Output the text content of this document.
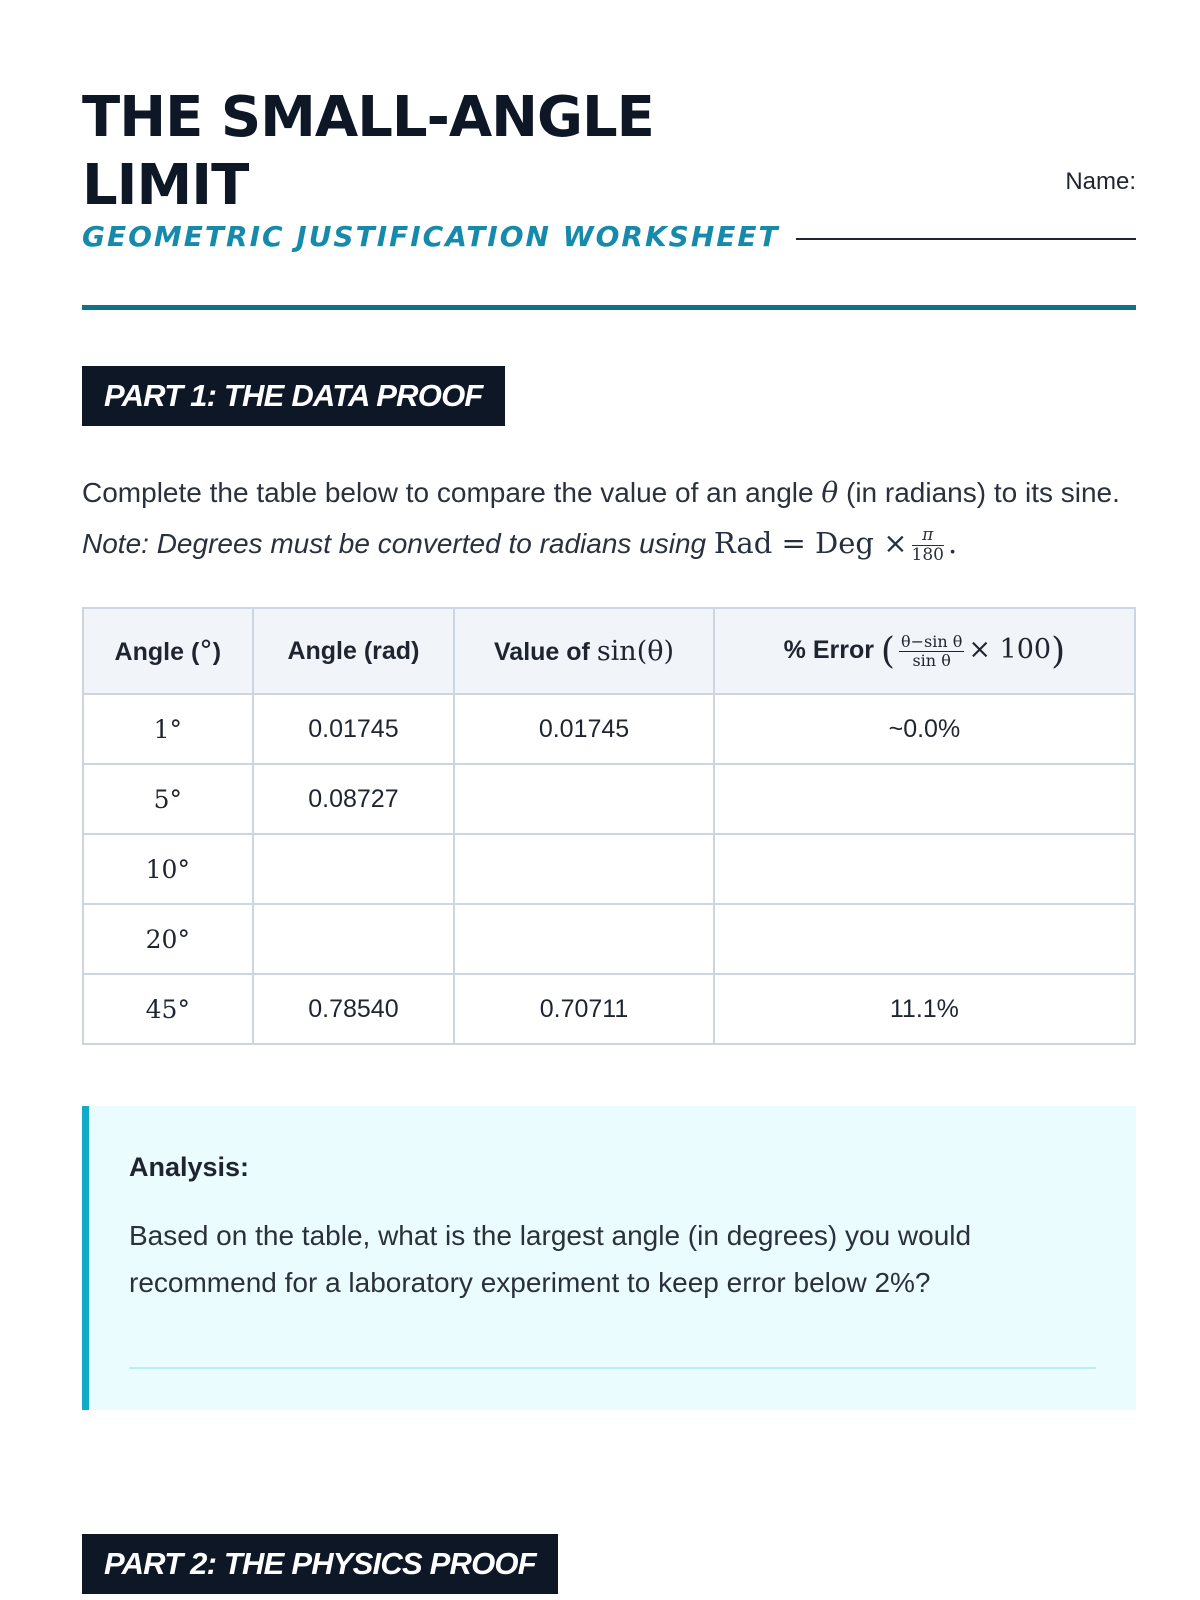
THE SMALL-ANGLE LIMIT
GEOMETRIC JUSTIFICATION WORKSHEET
Name:
PART 1: THE DATA PROOF

Complete the table below to compare the value of an angle θ (in radians) to its sine. Note: Degrees must be converted to radians using Rad = Deg × $\frac{\pi}{180}$ .

Angle (°)	Angle (rad)	Value of sin(θ)	% Error ( $\frac{\text{θ−sin θ}}{\text{sin θ}} \times 100$)
1°	0.01745	0.01745	~0.0%
5°	0.08727		
10°			
20°			
45°	0.78540	0.70711	11.1%
Analysis:
Based on the table, what is the largest angle (in degrees) you would recommend for a laboratory experiment to keep error below 2%?
PART 2: THE PHYSICS PROOF
